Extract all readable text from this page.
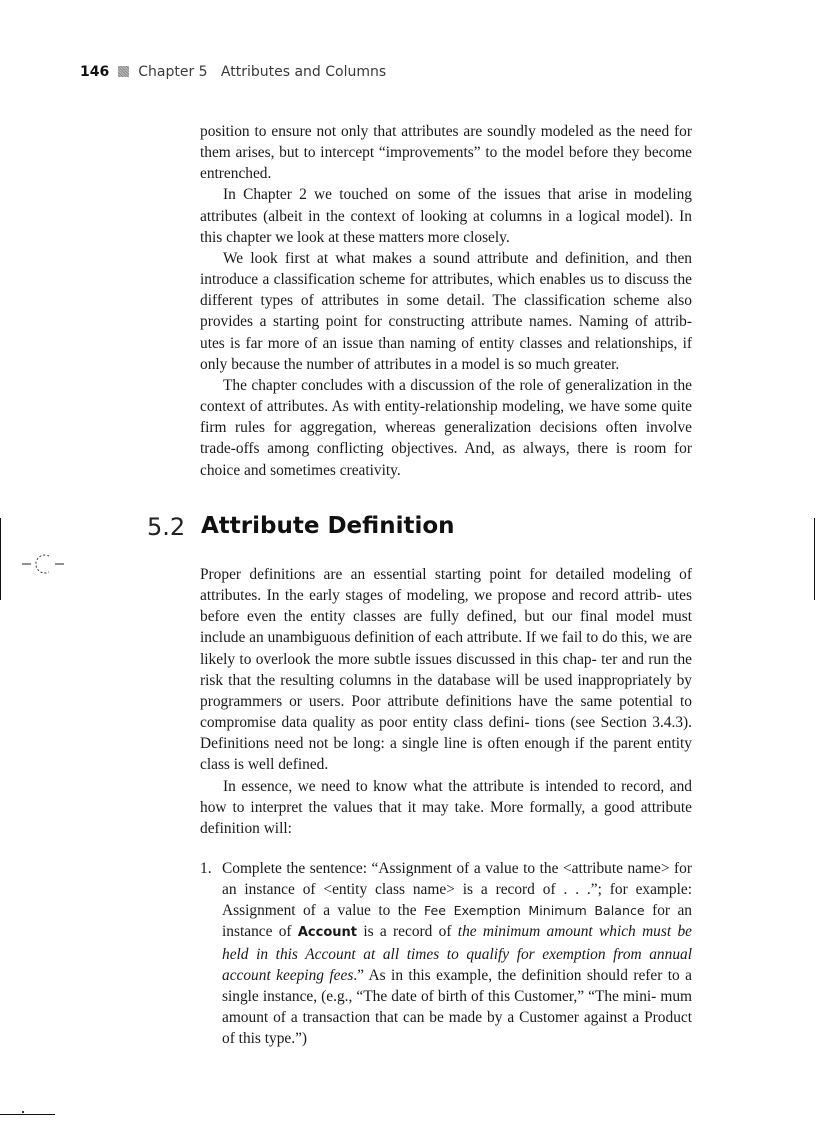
146 Chapter 5   Attributes and Columns

position to ensure not only that attributes are soundly modeled as the need for them arises, but to intercept “improvements” to the model before they become entrenched.

In Chapter 2 we touched on some of the issues that arise in modeling attributes (albeit in the context of looking at columns in a logical model). In this chapter we look at these matters more closely.

We look first at what makes a sound attribute and definition, and then introduce a classification scheme for attributes, which enables us to discuss the different types of attributes in some detail. The classification scheme also provides a starting point for constructing attribute names. Naming of attrib- utes is far more of an issue than naming of entity classes and relationships, if only because the number of attributes in a model is so much greater.

The chapter concludes with a discussion of the role of generalization in the context of attributes. As with entity-relationship modeling, we have some quite firm rules for aggregation, whereas generalization decisions often involve trade-offs among conflicting objectives. And, as always, there is room for choice and sometimes creativity.

5.2 Attribute Definition

Proper definitions are an essential starting point for detailed modeling of attributes. In the early stages of modeling, we propose and record attrib- utes before even the entity classes are fully defined, but our final model must include an unambiguous definition of each attribute. If we fail to do this, we are likely to overlook the more subtle issues discussed in this chap- ter and run the risk that the resulting columns in the database will be used inappropriately by programmers or users. Poor attribute definitions have the same potential to compromise data quality as poor entity class defini- tions (see Section 3.4.3). Definitions need not be long: a single line is often enough if the parent entity class is well defined.

In essence, we need to know what the attribute is intended to record, and how to interpret the values that it may take. More formally, a good attribute definition will:

1. Complete the sentence: “Assignment of a value to the <attribute name> for an instance of <entity class name> is a record of . . .”; for example: Assignment of a value to the Fee Exemption Minimum Balance for an instance of Account is a record of the minimum amount which must be held in this Account at all times to qualify for exemption from annual account keeping fees.” As in this example, the definition should refer to a single instance, (e.g., “The date of birth of this Customer,” “The mini- mum amount of a transaction that can be made by a Customer against a Product of this type.”)
